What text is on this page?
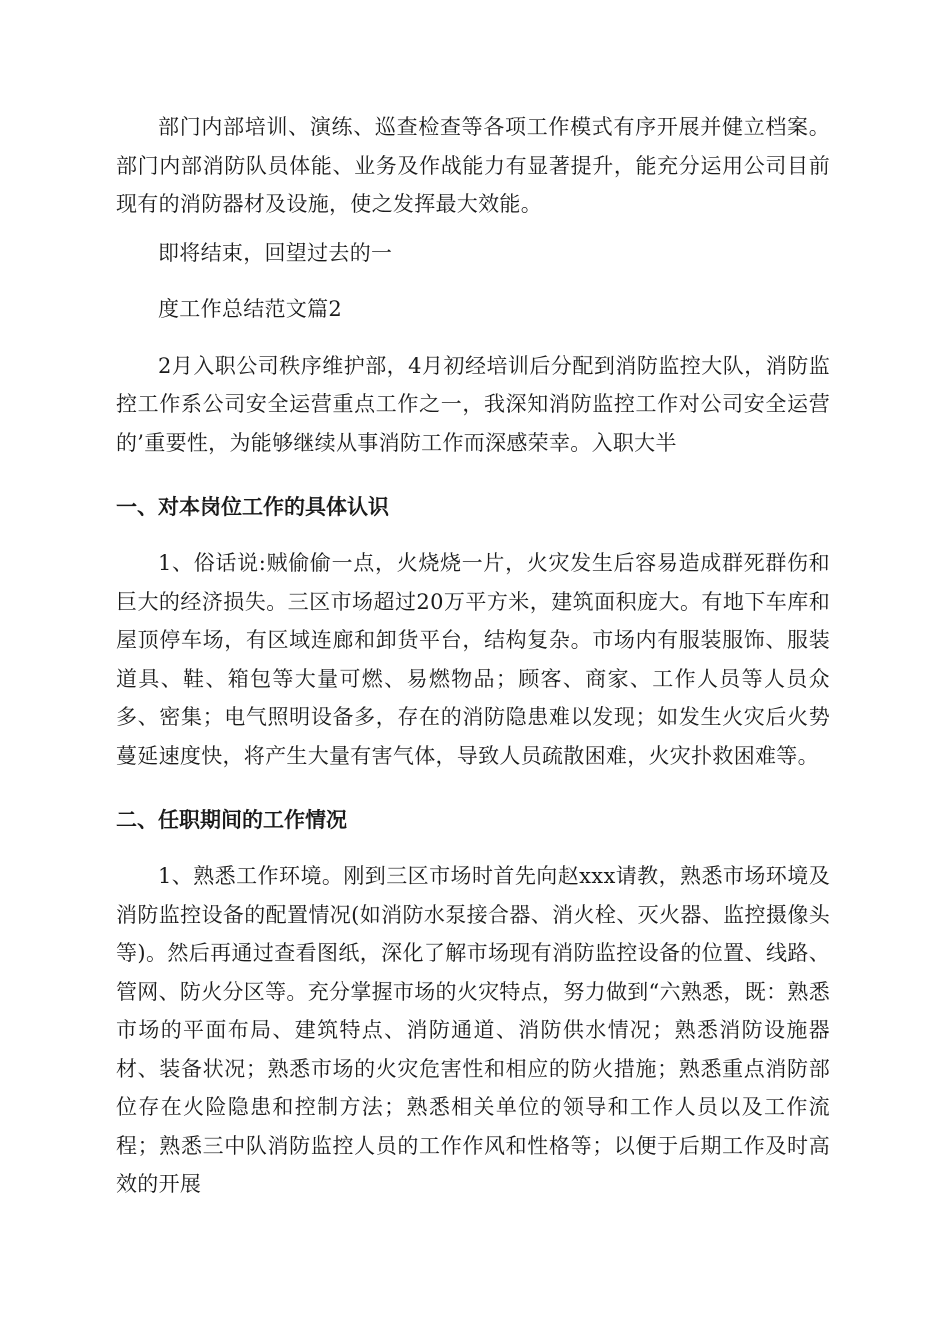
部门内部培训、演练、巡查检查等各项工作模式有序开展并健立档案。部门内部消防队员体能、业务及作战能力有显著提升，能充分运用公司目前现有的消防器材及设施，使之发挥最大效能。

即将结束，回望过去的一

度工作总结范文篇2

2月入职公司秩序维护部，4月初经培训后分配到消防监控大队，消防监控工作系公司安全运营重点工作之一，我深知消防监控工作对公司安全运营的’重要性，为能够继续从事消防工作而深感荣幸。入职大半

一、对本岗位工作的具体认识

1、俗话说:贼偷偷一点，火烧烧一片，火灾发生后容易造成群死群伤和巨大的经济损失。三区市场超过20万平方米，建筑面积庞大。有地下车库和屋顶停车场，有区域连廊和卸货平台，结构复杂。市场内有服装服饰、服装道具、鞋、箱包等大量可燃、易燃物品；顾客、商家、工作人员等人员众多、密集；电气照明设备多，存在的消防隐患难以发现；如发生火灾后火势蔓延速度快，将产生大量有害气体，导致人员疏散困难，火灾扑救困难等。

二、任职期间的工作情况

1、熟悉工作环境。刚到三区市场时首先向赵xxx请教，熟悉市场环境及消防监控设备的配置情况(如消防水泵接合器、消火栓、灭火器、监控摄像头等)。然后再通过查看图纸，深化了解市场现有消防监控设备的位置、线路、管网、防火分区等。充分掌握市场的火灾特点，努力做到“六熟悉，既：熟悉市场的平面布局、建筑特点、消防通道、消防供水情况；熟悉消防设施器材、装备状况；熟悉市场的火灾危害性和相应的防火措施；熟悉重点消防部位存在火险隐患和控制方法；熟悉相关单位的领导和工作人员以及工作流程；熟悉三中队消防监控人员的工作作风和性格等；以便于后期工作及时高效的开展
